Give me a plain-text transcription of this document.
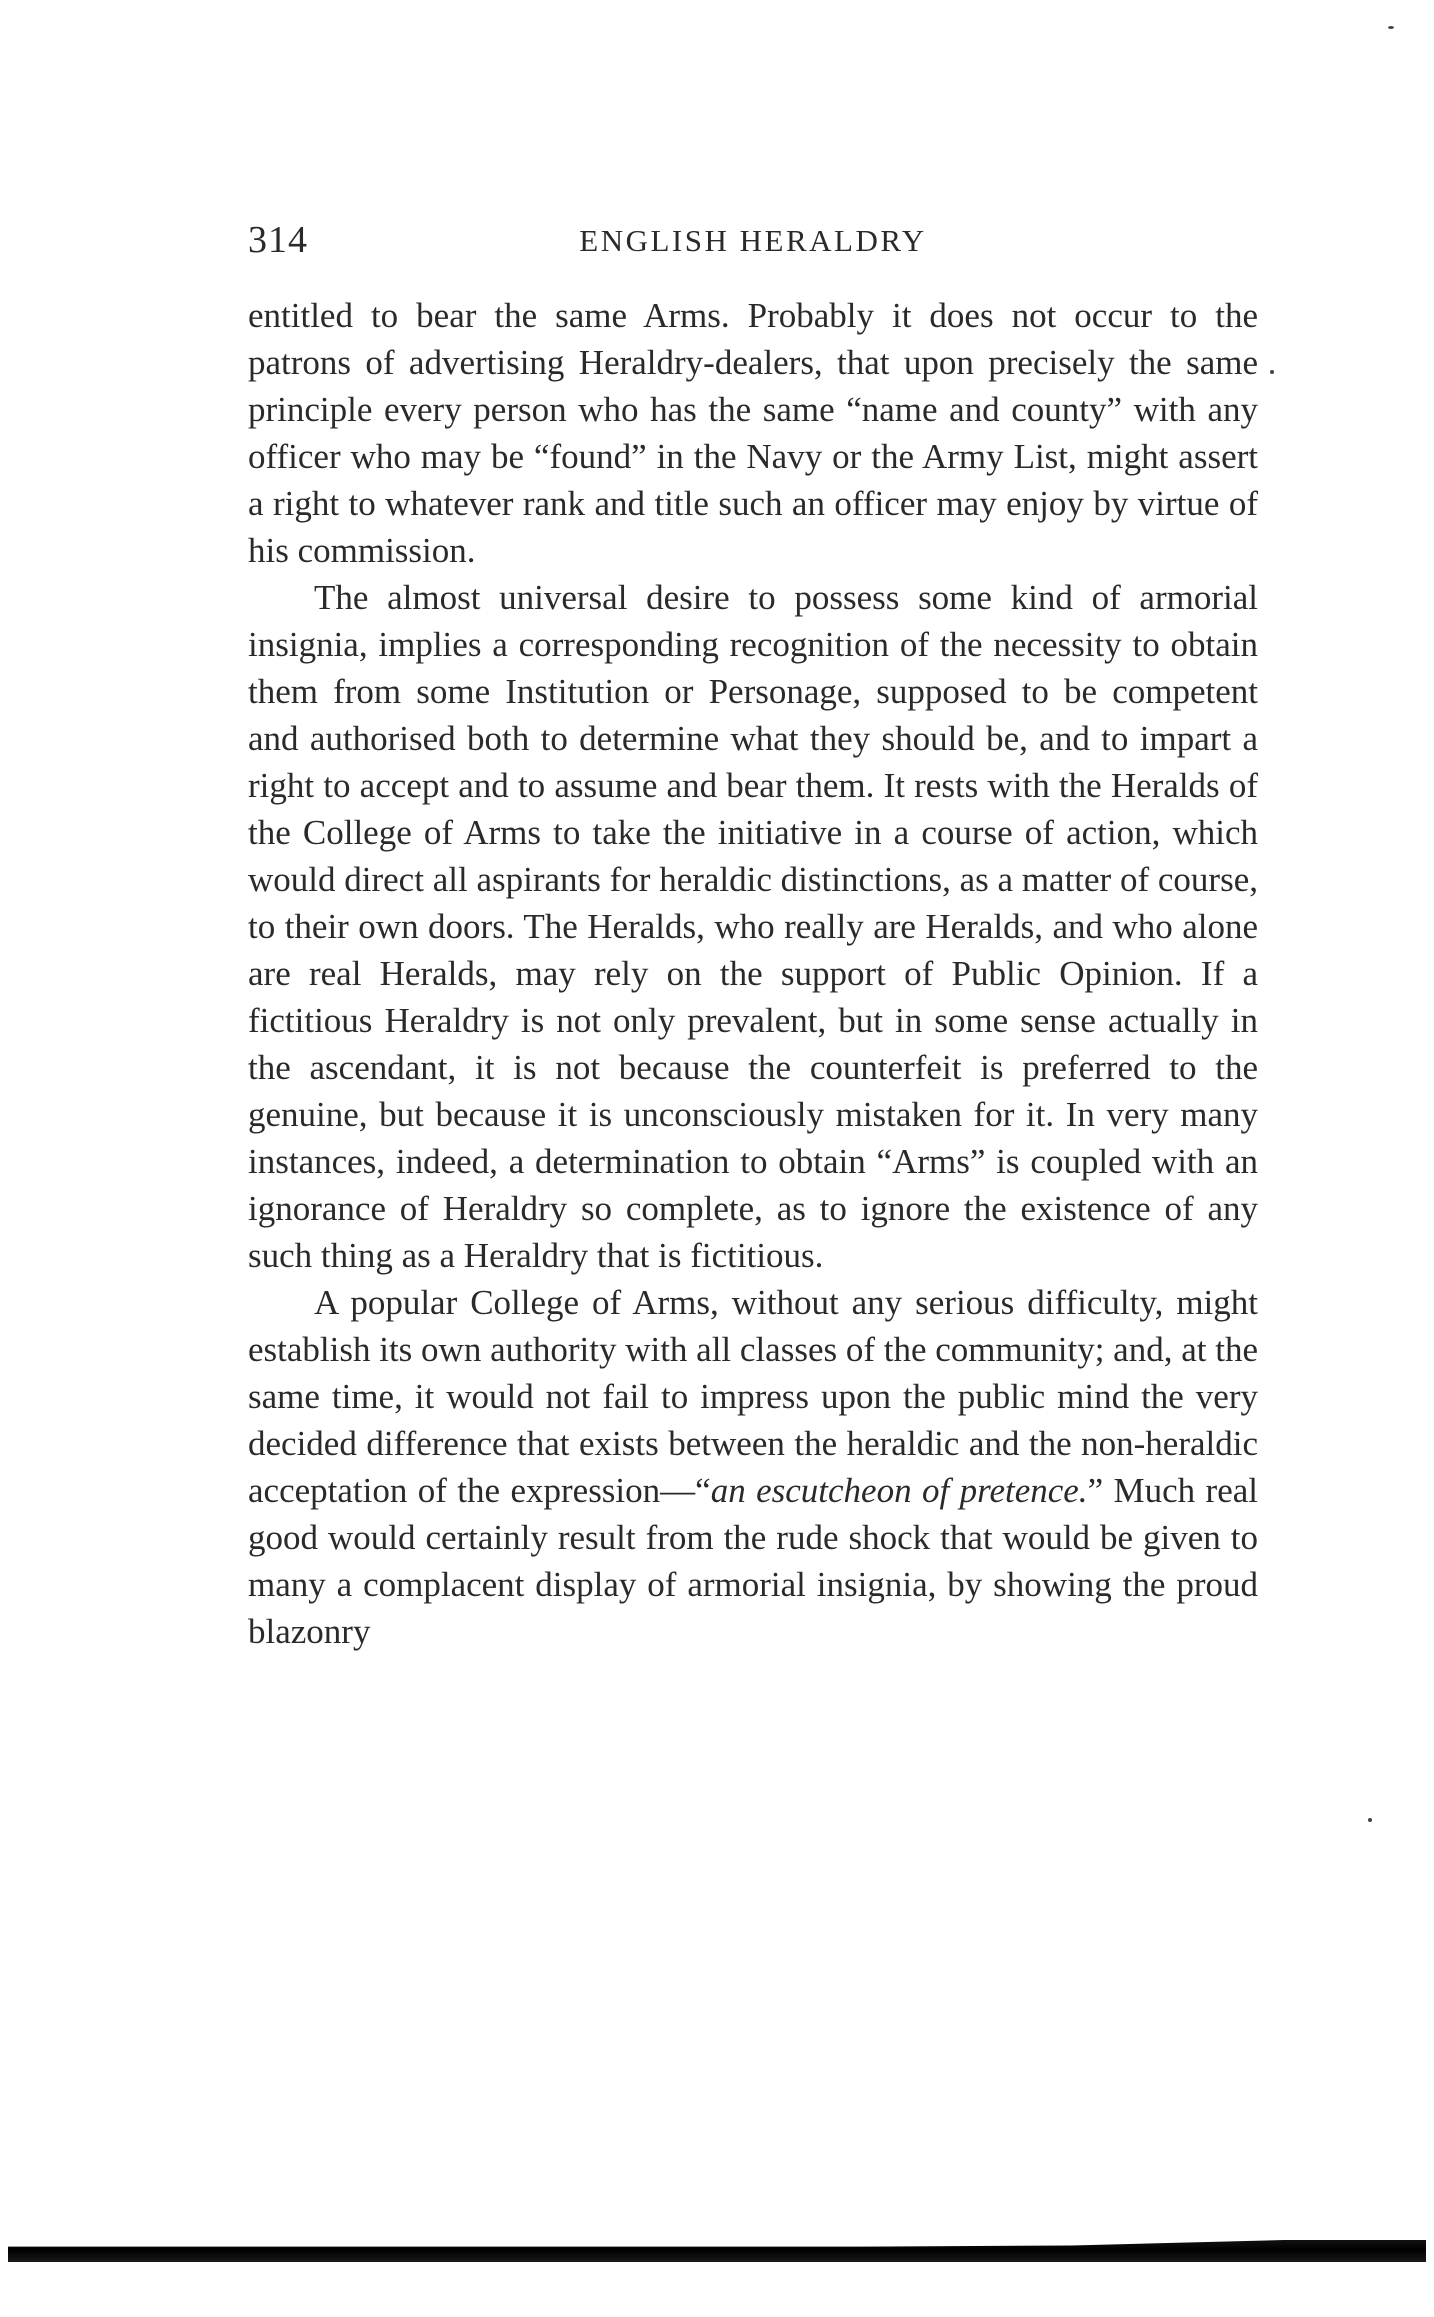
314	ENGLISH HERALDRY

entitled to bear the same Arms. Probably it does not occur to the patrons of advertising Heraldry-dealers, that upon precisely the same principle every person who has the same “name and county” with any officer who may be “found” in the Navy or the Army List, might assert a right to whatever rank and title such an officer may enjoy by virtue of his commission.

The almost universal desire to possess some kind of armorial insignia, implies a corresponding recognition of the necessity to obtain them from some Institution or Personage, supposed to be competent and authorised both to determine what they should be, and to impart a right to accept and to assume and bear them. It rests with the Heralds of the College of Arms to take the initiative in a course of action, which would direct all aspirants for heraldic distinctions, as a matter of course, to their own doors. The Heralds, who really are Heralds, and who alone are real Heralds, may rely on the support of Public Opinion. If a fictitious Heraldry is not only prevalent, but in some sense actually in the ascendant, it is not because the counterfeit is preferred to the genuine, but because it is unconsciously mistaken for it. In very many instances, indeed, a determination to obtain “Arms” is coupled with an ignorance of Heraldry so complete, as to ignore the existence of any such thing as a Heraldry that is fictitious.

A popular College of Arms, without any serious difficulty, might establish its own authority with all classes of the community; and, at the same time, it would not fail to impress upon the public mind the very decided difference that exists between the heraldic and the non-heraldic acceptation of the expression—“an escutcheon of pretence.” Much real good would certainly result from the rude shock that would be given to many a complacent display of armorial insignia, by showing the proud blazonry
